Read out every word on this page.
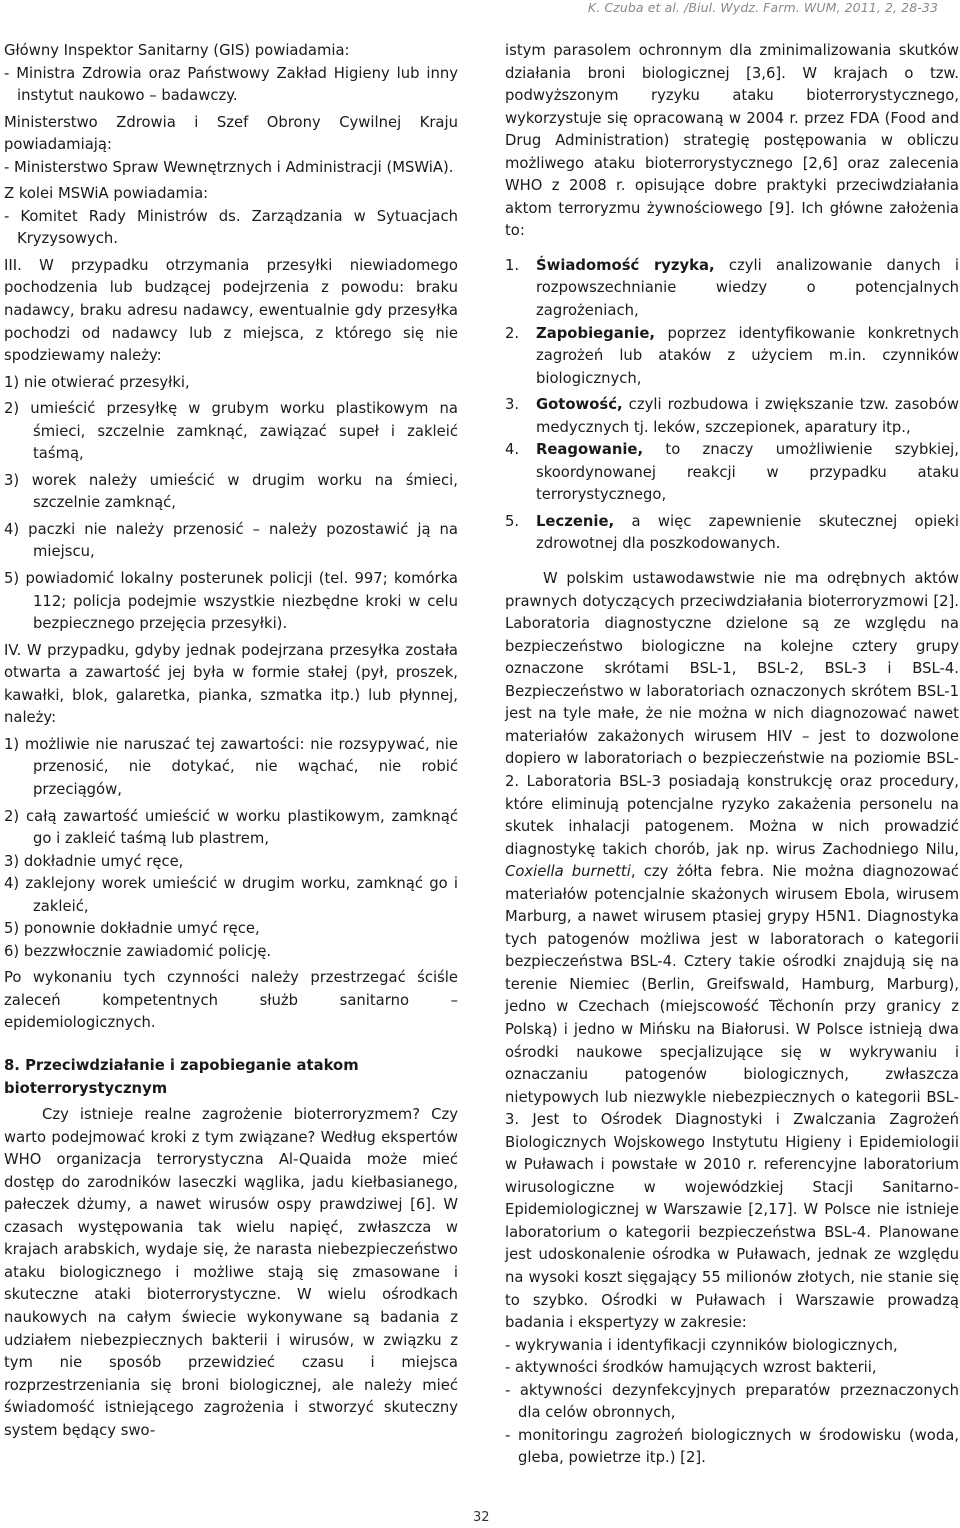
K. Czuba et al. /Biul. Wydz. Farm. WUM, 2011, 2, 28-33

Główny Inspektor Sanitarny (GIS) powiadamia:

- Ministra Zdrowia oraz Państwowy Zakład Higieny lub inny instytut naukowo – badawczy.

Ministerstwo Zdrowia i Szef Obrony Cywilnej Kraju powiadamiają:

- Ministerstwo Spraw Wewnętrznych i Administracji (MSWiA).

Z kolei MSWiA powiadamia:

- Komitet Rady Ministrów ds. Zarządzania w Sytuacjach Kryzysowych.

III. W przypadku otrzymania przesyłki niewiadomego pochodzenia lub budzącej podejrzenia z powodu: braku nadawcy, braku adresu nadawcy, ewentualnie gdy przesyłka pochodzi od nadawcy lub z miejsca, z którego się nie spodziewamy należy:

1) nie otwierać przesyłki,

2) umieścić przesyłkę w grubym worku plastikowym na śmieci, szczelnie zamknąć, zawiązać supeł i zakleić taśmą,

3) worek należy umieścić w drugim worku na śmieci, szczelnie zamknąć,

4) paczki nie należy przenosić – należy pozostawić ją na miejscu,

5) powiadomić lokalny posterunek policji (tel. 997; komórka 112; policja podejmie wszystkie niezbędne kroki w celu bezpiecznego przejęcia przesyłki).

IV. W przypadku, gdyby jednak podejrzana przesyłka została otwarta a zawartość jej była w formie stałej (pył, proszek, kawałki, blok, galaretka, pianka, szmatka itp.) lub płynnej, należy:

1) możliwie nie naruszać tej zawartości: nie rozsypywać, nie przenosić, nie dotykać, nie wąchać, nie robić przeciągów,

2) całą zawartość umieścić w worku plastikowym, zamknąć go i zakleić taśmą lub plastrem,

3) dokładnie umyć ręce,

4) zaklejony worek umieścić w drugim worku, zamknąć go i zakleić,

5) ponownie dokładnie umyć ręce,

6) bezzwłocznie zawiadomić policję.

Po wykonaniu tych czynności należy przestrzegać ściśle zaleceń kompetentnych służb sanitarno – epidemiologicznych.

8. Przeciwdziałanie i zapobieganie atakom bioterrorystycznym

Czy istnieje realne zagrożenie bioterroryzmem? Czy warto podejmować kroki z tym związane? Według ekspertów WHO organizacja terrorystyczna Al-Quaida może mieć dostęp do zarodników laseczki wąglika, jadu kiełbasianego, pałeczek dżumy, a nawet wirusów ospy prawdziwej [6]. W czasach występowania tak wielu napięć, zwłaszcza w krajach arabskich, wydaje się, że narasta niebezpieczeństwo ataku biologicznego i możliwe stają się zmasowane i skuteczne ataki bioterrorystyczne. W wielu ośrodkach naukowych na całym świecie wykonywane są badania z udziałem niebezpiecznych bakterii i wirusów, w związku z tym nie sposób przewidzieć czasu i miejsca rozprzestrzeniania się broni biologicznej, ale należy mieć świadomość istniejącego zagrożenia i stworzyć skuteczny system będący swo-

istym parasolem ochronnym dla zminimalizowania skutków działania broni biologicznej [3,6]. W krajach o tzw. podwyższonym ryzyku ataku bioterrorystycznego, wykorzystuje się opracowaną w 2004 r. przez FDA (Food and Drug Administration) strategię postępowania w obliczu możliwego ataku bioterrorystycznego [2,6] oraz zalecenia WHO z 2008 r. opisujące dobre praktyki przeciwdziałania aktom terroryzmu żywnościowego [9]. Ich główne założenia to:

1. Świadomość ryzyka, czyli analizowanie danych i rozpowszechnianie wiedzy o potencjalnych zagrożeniach,
2. Zapobieganie, poprzez identyfikowanie konkretnych zagrożeń lub ataków z użyciem m.in. czynników biologicznych,
3. Gotowość, czyli rozbudowa i zwiększanie tzw. zasobów medycznych tj. leków, szczepionek, aparatury itp.,
4. Reagowanie, to znaczy umożliwienie szybkiej, skoordynowanej reakcji w przypadku ataku terrorystycznego,
5. Leczenie, a więc zapewnienie skutecznej opieki zdrowotnej dla poszkodowanych.

W polskim ustawodawstwie nie ma odrębnych aktów prawnych dotyczących przeciwdziałania bioterroryzmowi [2]. Laboratoria diagnostyczne dzielone są ze względu na bezpieczeństwo biologiczne na kolejne cztery grupy oznaczone skrótami BSL-1, BSL-2, BSL-3 i BSL-4. Bezpieczeństwo w laboratoriach oznaczonych skrótem BSL-1 jest na tyle małe, że nie można w nich diagnozować nawet materiałów zakażonych wirusem HIV – jest to dozwolone dopiero w laboratoriach o bezpieczeństwie na poziomie BSL-2. Laboratoria BSL-3 posiadają konstrukcję oraz procedury, które eliminują potencjalne ryzyko zakażenia personelu na skutek inhalacji patogenem. Można w nich prowadzić diagnostykę takich chorób, jak np. wirus Zachodniego Nilu, Coxiella burnetti, czy żółta febra. Nie można diagnozować materiałów potencjalnie skażonych wirusem Ebola, wirusem Marburg, a nawet wirusem ptasiej grypy H5N1. Diagnostyka tych patogenów możliwa jest w laboratorach o kategorii bezpieczeństwa BSL-4. Cztery takie ośrodki znajdują się na terenie Niemiec (Berlin, Greifswald, Hamburg, Marburg), jedno w Czechach (miejscowość Těchonín przy granicy z Polską) i jedno w Mińsku na Białorusi. W Polsce istnieją dwa ośrodki naukowe specjalizujące się w wykrywaniu i oznaczaniu patogenów biologicznych, zwłaszcza nietypowych lub niezwykle niebezpiecznych o kategorii BSL-3. Jest to Ośrodek Diagnostyki i Zwalczania Zagrożeń Biologicznych Wojskowego Instytutu Higieny i Epidemiologii w Puławach i powstałe w 2010 r. referencyjne laboratorium wirusologiczne w wojewódzkiej Stacji Sanitarno-Epidemiologicznej w Warszawie [2,17]. W Polsce nie istnieje laboratorium o kategorii bezpieczeństwa BSL-4. Planowane jest udoskonalenie ośrodka w Puławach, jednak ze względu na wysoki koszt sięgający 55 milionów złotych, nie stanie się to szybko. Ośrodki w Puławach i Warszawie prowadzą badania i ekspertyzy w zakresie:

- wykrywania i identyfikacji czynników biologicznych,

- aktywności środków hamujących wzrost bakterii,

- aktywności dezynfekcyjnych preparatów przeznaczonych dla celów obronnych,

- monitoringu zagrożeń biologicznych w środowisku (woda, gleba, powietrze itp.) [2].

32
